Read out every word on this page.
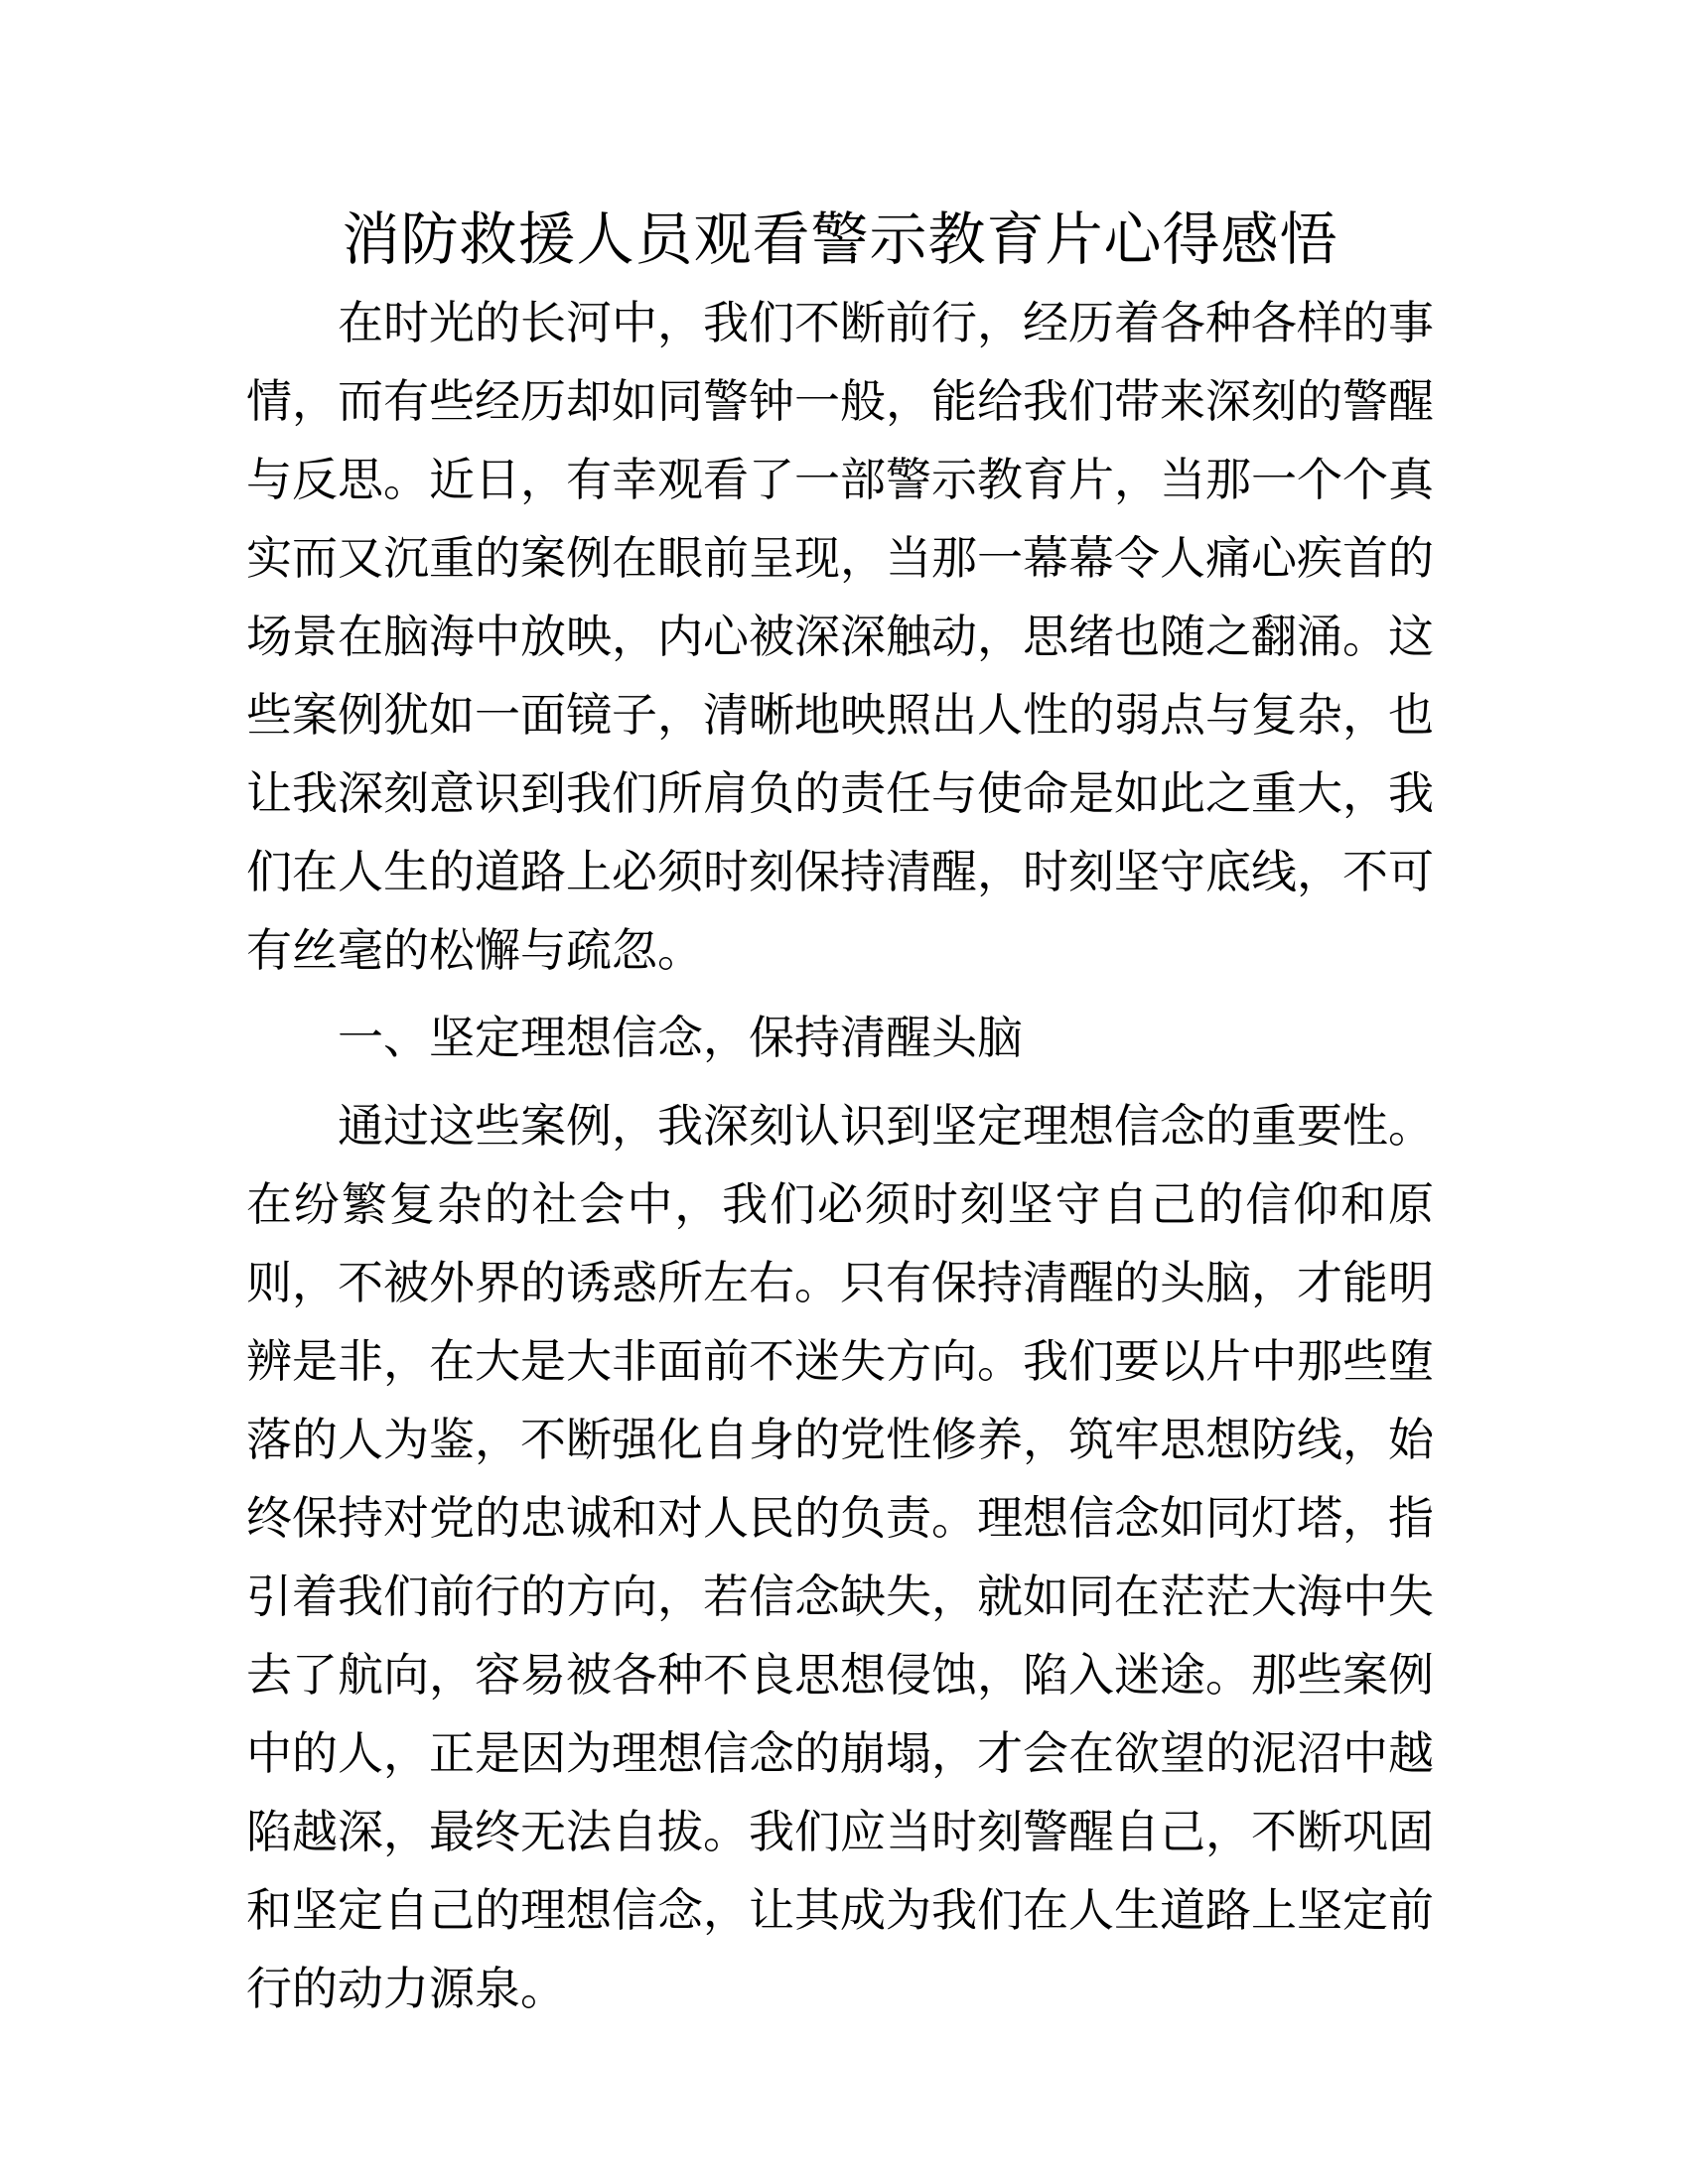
消防救援人员观看警示教育片心得感悟

在时光的长河中，我们不断前行，经历着各种各样的事情，而有些经历却如同警钟一般，能给我们带来深刻的警醒与反思。近日，有幸观看了一部警示教育片，当那一个个真实而又沉重的案例在眼前呈现，当那一幕幕令人痛心疾首的场景在脑海中放映，内心被深深触动，思绪也随之翻涌。这些案例犹如一面镜子，清晰地映照出人性的弱点与复杂，也让我深刻意识到我们所肩负的责任与使命是如此之重大，我们在人生的道路上必须时刻保持清醒，时刻坚守底线，不可有丝毫的松懈与疏忽。

一、坚定理想信念，保持清醒头脑

通过这些案例，我深刻认识到坚定理想信念的重要性。在纷繁复杂的社会中，我们必须时刻坚守自己的信仰和原则，不被外界的诱惑所左右。只有保持清醒的头脑，才能明辨是非，在大是大非面前不迷失方向。我们要以片中那些堕落的人为鉴，不断强化自身的党性修养，筑牢思想防线，始终保持对党的忠诚和对人民的负责。理想信念如同灯塔，指引着我们前行的方向，若信念缺失，就如同在茫茫大海中失去了航向，容易被各种不良思想侵蚀，陷入迷途。那些案例中的人，正是因为理想信念的崩塌，才会在欲望的泥沼中越陷越深，最终无法自拔。我们应当时刻警醒自己，不断巩固和坚定自己的理想信念，让其成为我们在人生道路上坚定前行的动力源泉。
